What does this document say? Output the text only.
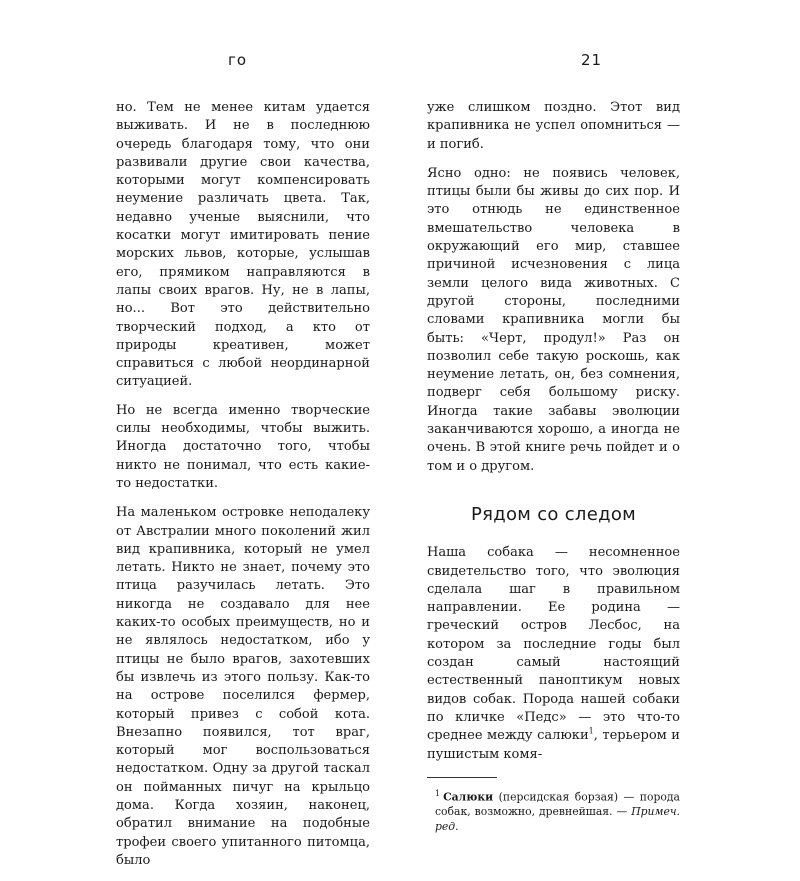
го

но. Тем не менее китам удается выживать. И не в последнюю очередь благодаря тому, что они развивали другие свои качества, которыми могут компенсировать неумение различать цвета. Так, недавно ученые выяснили, что косатки могут имитировать пение морских львов, которые, услышав его, прямиком направляются в лапы своих врагов. Ну, не в лапы, но... Вот это действительно творческий подход, а кто от природы креативен, может справиться с любой неординарной ситуацией.

Но не всегда именно творческие силы необходимы, чтобы выжить. Иногда достаточно того, чтобы никто не понимал, что есть какие-то недостатки.

На маленьком островке неподалеку от Австралии много поколений жил вид крапивника, который не умел летать. Никто не знает, почему это птица разучилась летать. Это никогда не создавало для нее каких-то особых преимуществ, но и не являлось недостатком, ибо у птицы не было врагов, захотевших бы извлечь из этого пользу. Как-то на острове поселился фермер, который привез с собой кота. Внезапно появился, тот враг, который мог воспользоваться недостатком. Одну за другой таскал он пойманных пичуг на крыльцо дома. Когда хозяин, наконец, обратил внимание на подобные трофеи своего упитанного питомца, было

21

уже слишком поздно. Этот вид крапивника не успел опомниться — и погиб.

Ясно одно: не появись человек, птицы были бы живы до сих пор. И это отнюдь не единственное вмешательство человека в окружающий его мир, ставшее причиной исчезновения с лица земли целого вида животных. С другой стороны, последними словами крапивника могли бы быть: «Черт, продул!» Раз он позволил себе такую роскошь, как неумение летать, он, без сомнения, подверг себя большому риску. Иногда такие забавы эволюции заканчиваются хорошо, а иногда не очень. В этой книге речь пойдет и о том и о другом.

Рядом со следом

Наша собака — несомненное свидетельство того, что эволюция сделала шаг в правильном направлении. Ее родина — греческий остров Лесбос, на котором за последние годы был создан самый настоящий естественный паноптикум новых видов собак. Порода нашей собаки по кличке «Педс» — это что-то среднее между салюки$^1$, терьером и пушистым комя-

$^1$ Салюки (персидская борзая) — порода собак, возможно, древнейшая. — Примеч. ред.
